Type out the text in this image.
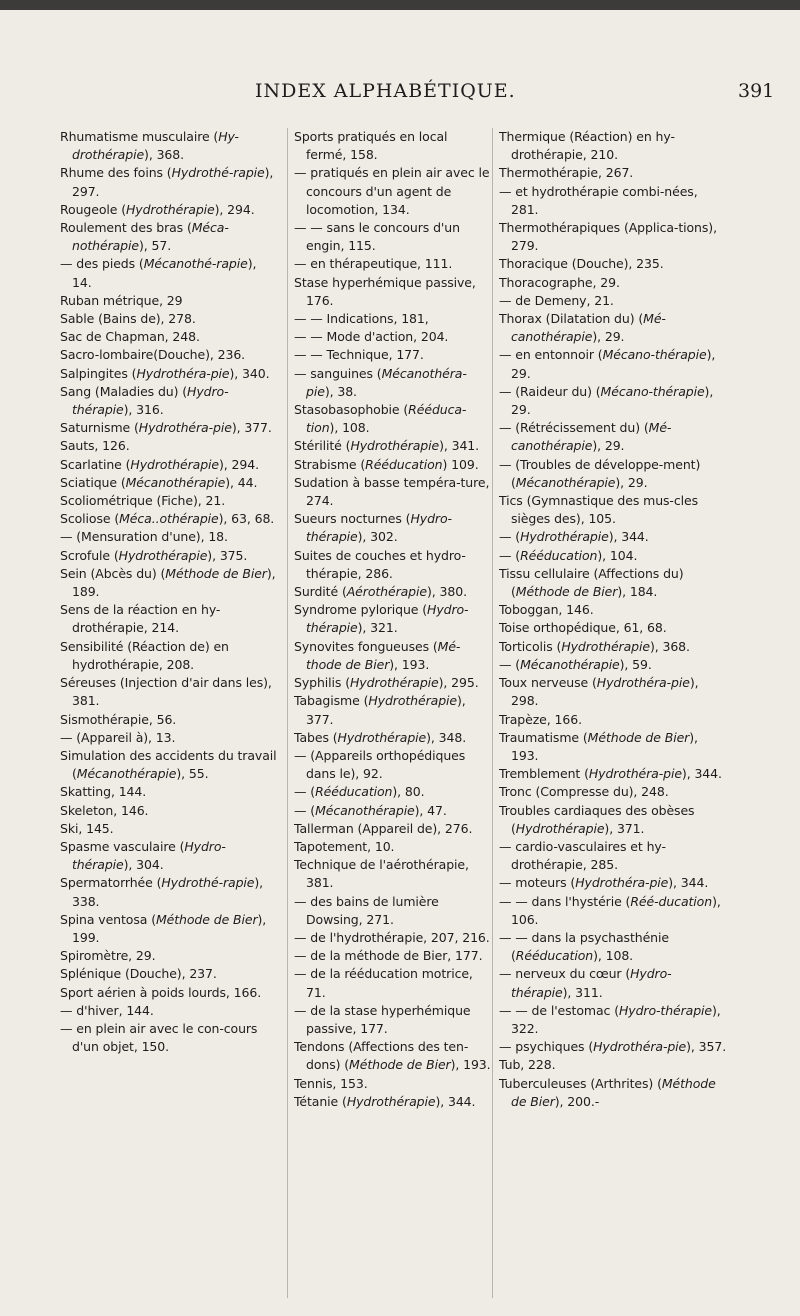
INDEX ALPHABÉTIQUE.	391

Rhumatisme musculaire (Hy-drothérapie), 368.

Rhume des foins (Hydrothé-rapie), 297.

Rougeole (Hydrothérapie), 294.

Roulement des bras (Méca-nothérapie), 57.

— des pieds (Mécanothé-rapie), 14.

Ruban métrique, 29

Sable (Bains de), 278.

Sac de Chapman, 248.

Sacro-lombaire(Douche), 236.

Salpingites (Hydrothéra-pie), 340.

Sang (Maladies du) (Hydro-thérapie), 316.

Saturnisme (Hydrothéra-pie), 377.

Sauts, 126.

Scarlatine (Hydrothérapie), 294.

Sciatique (Mécanothérapie), 44.

Scoliométrique (Fiche), 21.

Scoliose (Méca..othérapie), 63, 68.

— (Mensuration d'une), 18.

Scrofule (Hydrothérapie), 375.

Sein (Abcès du) (Méthode de Bier), 189.

Sens de la réaction en hy-drothérapie, 214.

Sensibilité (Réaction de) en hydrothérapie, 208.

Séreuses (Injection d'air dans les), 381.

Sismothérapie, 56.

— (Appareil à), 13.

Simulation des accidents du travail (Mécanothérapie), 55.

Skatting, 144.

Skeleton, 146.

Ski, 145.

Spasme vasculaire (Hydro-thérapie), 304.

Spermatorrhée (Hydrothé-rapie), 338.

Spina ventosa (Méthode de Bier), 199.

Spiromètre, 29.

Splénique (Douche), 237.

Sport aérien à poids lourds, 166.

— d'hiver, 144.

— en plein air avec le con-cours d'un objet, 150.

Sports pratiqués en local fermé, 158.

— pratiqués en plein air avec le concours d'un agent de locomotion, 134.

— — sans le concours d'un engin, 115.

— en thérapeutique, 111.

Stase hyperhémique passive, 176.

— — Indications, 181,

— — Mode d'action, 204.

— — Technique, 177.

— sanguines (Mécanothéra-pie), 38.

Stasobasophobie (Rééduca-tion), 108.

Stérilité (Hydrothérapie), 341.

Strabisme (Rééducation) 109.

Sudation à basse tempéra-ture, 274.

Sueurs nocturnes (Hydro-thérapie), 302.

Suites de couches et hydro-thérapie, 286.

Surdité (Aérothérapie), 380.

Syndrome pylorique (Hydro-thérapie), 321.

Synovites fongueuses (Mé-thode de Bier), 193.

Syphilis (Hydrothérapie), 295.

Tabagisme (Hydrothérapie), 377.

Tabes (Hydrothérapie), 348.

— (Appareils orthopédiques dans le), 92.

— (Rééducation), 80.

— (Mécanothérapie), 47.

Tallerman (Appareil de), 276.

Tapotement, 10.

Technique de l'aérothérapie, 381.

— des bains de lumière Dowsing, 271.

— de l'hydrothérapie, 207, 216.

— de la méthode de Bier, 177.

— de la rééducation motrice, 71.

— de la stase hyperhémique passive, 177.

Tendons (Affections des ten-dons) (Méthode de Bier), 193.

Tennis, 153.

Tétanie (Hydrothérapie), 344.

Thermique (Réaction) en hy-drothérapie, 210.

Thermothérapie, 267.

— et hydrothérapie combi-nées, 281.

Thermothérapiques (Applica-tions), 279.

Thoracique (Douche), 235.

Thoracographe, 29.

— de Demeny, 21.

Thorax (Dilatation du) (Mé-canothérapie), 29.

— en entonnoir (Mécano-thérapie), 29.

— (Raideur du) (Mécano-thérapie), 29.

— (Rétrécissement du) (Mé-canothérapie), 29.

— (Troubles de développe-ment) (Mécanothérapie), 29.

Tics (Gymnastique des mus-cles sièges des), 105.

— (Hydrothérapie), 344.

— (Rééducation), 104.

Tissu cellulaire (Affections du) (Méthode de Bier), 184.

Toboggan, 146.

Toise orthopédique, 61, 68.

Torticolis (Hydrothérapie), 368.

— (Mécanothérapie), 59.

Toux nerveuse (Hydrothéra-pie), 298.

Trapèze, 166.

Traumatisme (Méthode de Bier), 193.

Tremblement (Hydrothéra-pie), 344.

Tronc (Compresse du), 248.

Troubles cardiaques des obèses (Hydrothérapie), 371.

— cardio-vasculaires et hy-drothérapie, 285.

— moteurs (Hydrothéra-pie), 344.

— — dans l'hystérie (Réé-ducation), 106.

— — dans la psychasthénie (Rééducation), 108.

— nerveux du cœur (Hydro-thérapie), 311.

— — de l'estomac (Hydro-thérapie), 322.

— psychiques (Hydrothéra-pie), 357.

Tub, 228.

Tuberculeuses (Arthrites) (Méthode de Bier), 200.-
